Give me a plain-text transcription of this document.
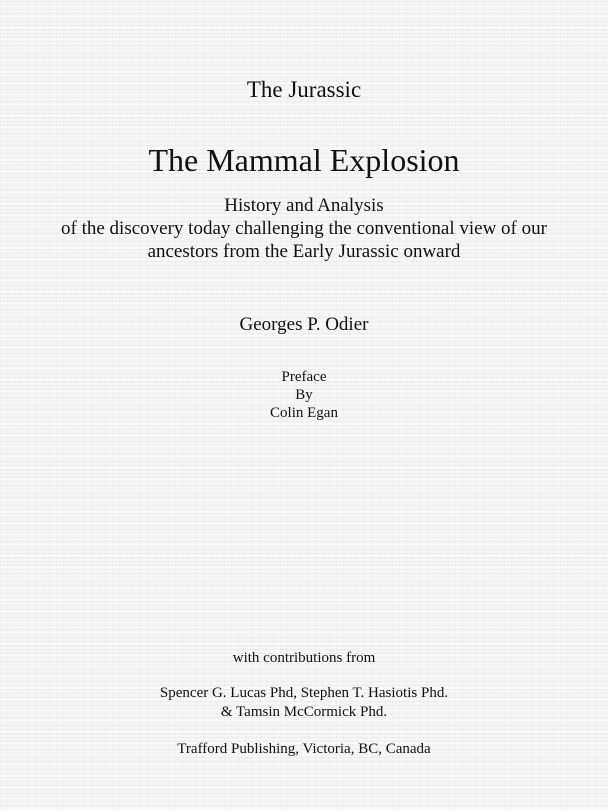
The Jurassic
The Mammal Explosion
History and Analysis
of the discovery today challenging the conventional view of our
ancestors from the Early Jurassic onward
Georges P. Odier
Preface
By
Colin Egan
with contributions from
Spencer G. Lucas Phd, Stephen T. Hasiotis Phd.
& Tamsin McCormick Phd.
Trafford Publishing, Victoria, BC, Canada
